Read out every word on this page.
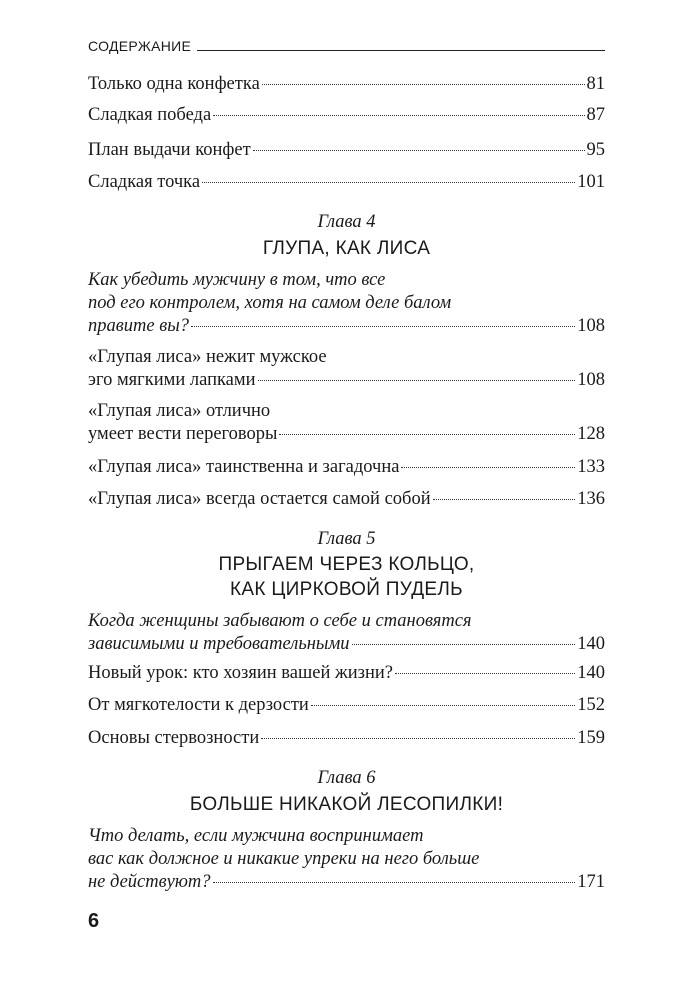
СОДЕРЖАНИЕ
Только одна конфетка	81
Сладкая победа	87
План выдачи конфет	95
Сладкая точка	101
Глава 4
ГЛУПА, КАК ЛИСА
Как убедить мужчину в том, что все
под его контролем, хотя на самом деле балом
правите вы?	108
«Глупая лиса» нежит мужское
эго мягкими лапками	108
«Глупая лиса» отлично
умеет вести переговоры	128
«Глупая лиса» таинственна и загадочна	133
«Глупая лиса» всегда остается самой собой	136
Глава 5
ПРЫГАЕМ ЧЕРЕЗ КОЛЬЦО,
КАК ЦИРКОВОЙ ПУДЕЛЬ
Когда женщины забывают о себе и становятся
зависимыми и требовательными	140
Новый урок: кто хозяин вашей жизни?	140
От мягкотелости к дерзости	152
Основы стервозности	159
Глава 6
БОЛЬШЕ НИКАКОЙ ЛЕСОПИЛКИ!
Что делать, если мужчина воспринимает
вас как должное и никакие упреки на него больше
не действуют?	171
6
